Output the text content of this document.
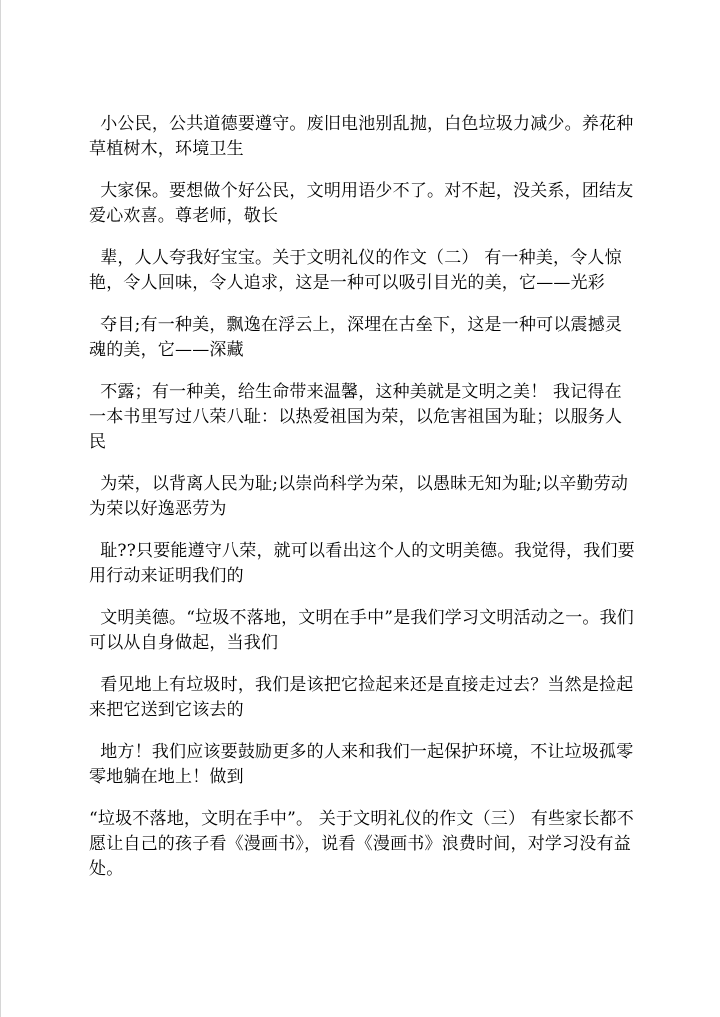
小公民，公共道德要遵守。废旧电池别乱抛，白色垃圾力减少。养花种草植树木，环境卫生

大家保。要想做个好公民，文明用语少不了。对不起，没关系，团结友爱心欢喜。尊老师，敬长

辈，人人夸我好宝宝。关于文明礼仪的作文（二） 有一种美，令人惊艳，令人回味，令人追求，这是一种可以吸引目光的美，它——光彩

夺目;有一种美，飘逸在浮云上，深埋在古垒下，这是一种可以震撼灵魂的美，它——深藏

不露；有一种美，给生命带来温馨，这种美就是文明之美！ 我记得在一本书里写过八荣八耻：以热爱祖国为荣，以危害祖国为耻；以服务人民

为荣，以背离人民为耻;以崇尚科学为荣，以愚昧无知为耻;以辛勤劳动为荣以好逸恶劳为

耻??只要能遵守八荣，就可以看出这个人的文明美德。我觉得，我们要用行动来证明我们的

文明美德。“垃圾不落地，文明在手中”是我们学习文明活动之一。我们可以从自身做起，当我们

看见地上有垃圾时，我们是该把它捡起来还是直接走过去？当然是捡起来把它送到它该去的

地方！我们应该要鼓励更多的人来和我们一起保护环境，不让垃圾孤零零地躺在地上！做到

“垃圾不落地，文明在手中”。 关于文明礼仪的作文（三） 有些家长都不愿让自己的孩子看《漫画书》，说看《漫画书》浪费时间，对学习没有益处。
